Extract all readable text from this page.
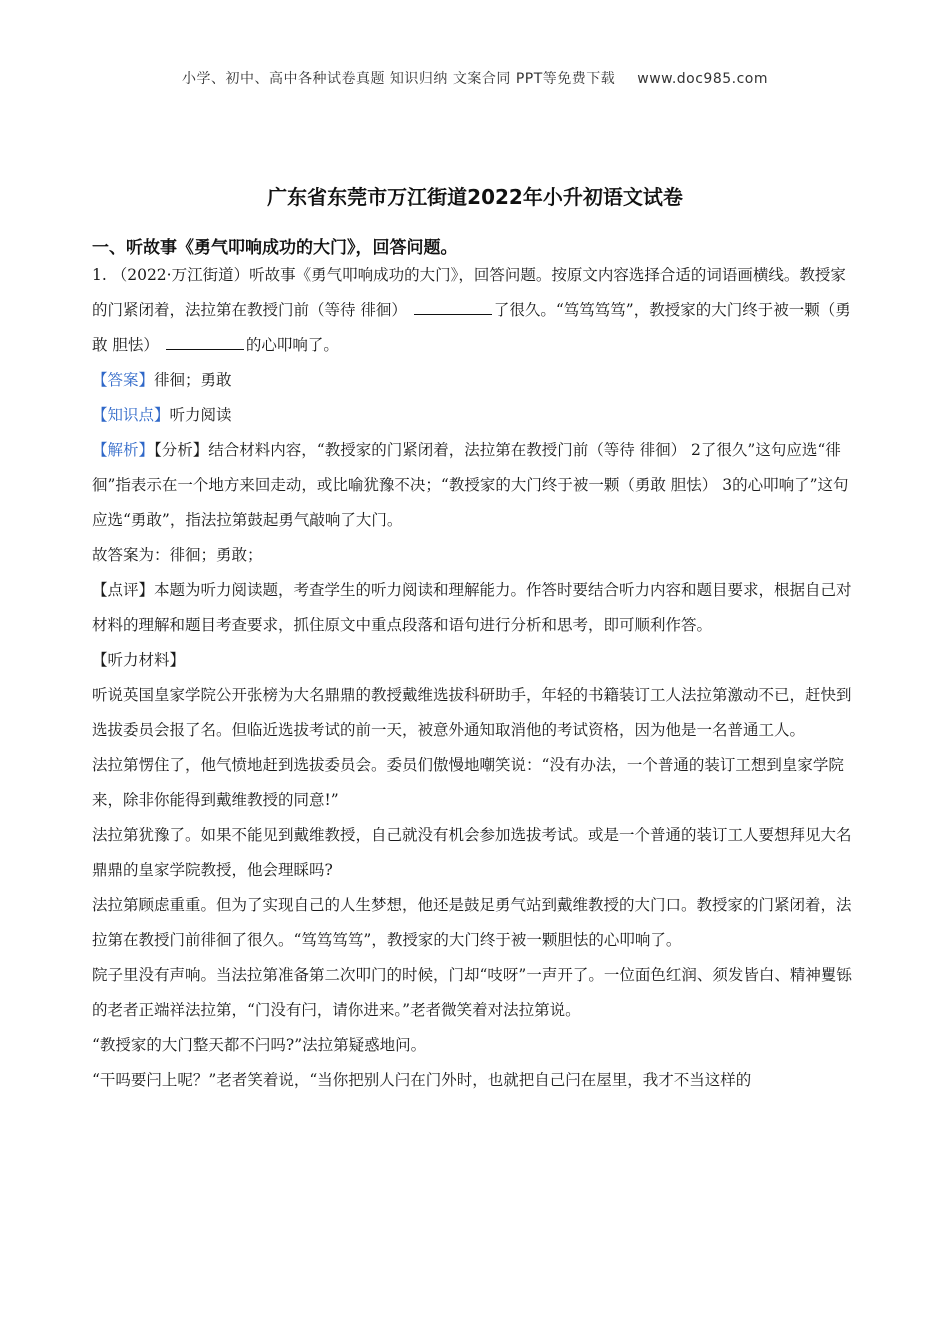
小学、初中、高中各种试卷真题 知识归纳 文案合同 PPT等免费下载 www.doc985.com
广东省东莞市万江街道2022年小升初语文试卷
一、听故事《勇气叩响成功的大门》，回答问题。

1. （2022·万江街道）听故事《勇气叩响成功的大门》，回答问题。按原文内容选择合适的词语画横线。教授家的门紧闭着，法拉第在教授门前（等待 徘徊）	了很久。“笃笃笃笃”，教授家的大门终于被一颗（勇敢 胆怯）	的心叩响了。

【答案】徘徊；勇敢

【知识点】听力阅读

【解析】【分析】结合材料内容，“教授家的门紧闭着，法拉第在教授门前（等待 徘徊） 2了很久”这句应选“徘徊”指表示在一个地方来回走动，或比喻犹豫不决；“教授家的大门终于被一颗（勇敢 胆怯） 3的心叩响了”这句应选“勇敢”，指法拉第鼓起勇气敲响了大门。

故答案为：徘徊；勇敢；

【点评】本题为听力阅读题，考查学生的听力阅读和理解能力。作答时要结合听力内容和题目要求，根据自己对材料的理解和题目考查要求，抓住原文中重点段落和语句进行分析和思考，即可顺利作答。

【听力材料】

听说英国皇家学院公开张榜为大名鼎鼎的教授戴维选拔科研助手，年轻的书籍装订工人法拉第激动不已，赶快到选拔委员会报了名。但临近选拔考试的前一天，被意外通知取消他的考试资格，因为他是一名普通工人。

法拉第愣住了，他气愤地赶到选拔委员会。委员们傲慢地嘲笑说：“没有办法，一个普通的装订工想到皇家学院来，除非你能得到戴维教授的同意!”

法拉第犹豫了。如果不能见到戴维教授，自己就没有机会参加选拔考试。或是一个普通的装订工人要想拜见大名鼎鼎的皇家学院教授，他会理睬吗?

法拉第顾虑重重。但为了实现自己的人生梦想，他还是鼓足勇气站到戴维教授的大门口。教授家的门紧闭着，法拉第在教授门前徘徊了很久。“笃笃笃笃”，教授家的大门终于被一颗胆怯的心叩响了。

院子里没有声响。当法拉第准备第二次叩门的时候，门却“吱呀”一声开了。一位面色红润、须发皆白、精神矍铄的老者正端祥法拉第，“门没有闩，请你进来。”老者微笑着对法拉第说。

“教授家的大门整天都不闩吗?”法拉第疑惑地问。

“干吗要闩上呢？”老者笑着说，“当你把别人闩在门外时，也就把自己闩在屋里，我才不当这样的
